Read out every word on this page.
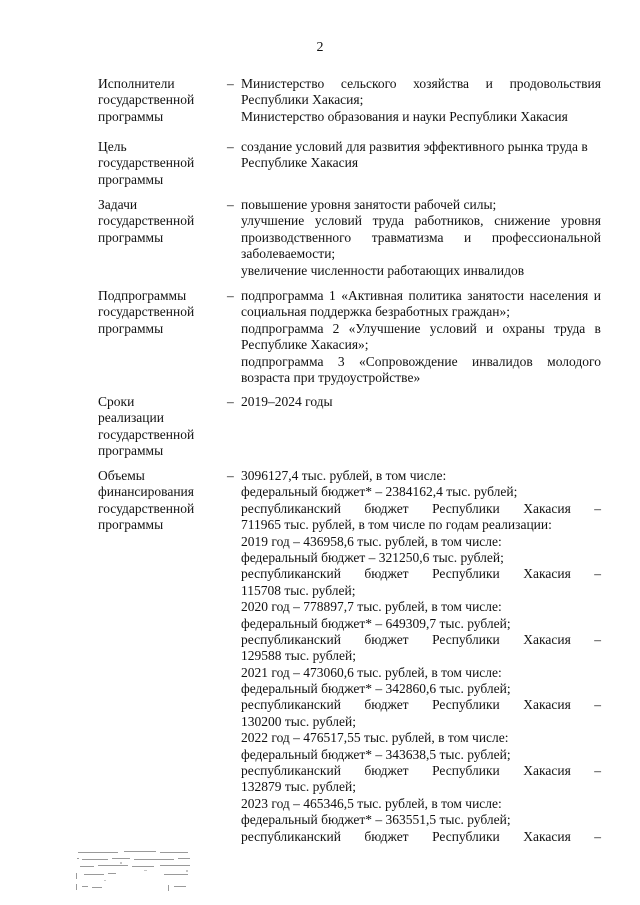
2
Исполнители
государственной
программы
– Министерство сельского хозяйства и продовольствия
Республики Хакасия;
Министерство образования и науки Республики Хакасия
Цель
государственной
программы
– создание условий для развития эффективного рынка труда в
Республике Хакасия
Задачи
государственной
программы
– повышение уровня занятости рабочей силы;
улучшение условий труда работников, снижение уровня
производственного травматизма и профессиональной
заболеваемости;
увеличение численности работающих инвалидов
Подпрограммы
государственной
программы
– подпрограмма 1 «Активная политика занятости населения и
социальная поддержка безработных граждан»;
подпрограмма 2 «Улучшение условий и охраны труда в
Республике Хакасия»;
подпрограмма 3 «Сопровождение инвалидов молодого
возраста при трудоустройстве»
Сроки
реализации
государственной
программы
– 2019–2024 годы
Объемы
финансирования
государственной
программы
– 3096127,4 тыс. рублей, в том числе:
федеральный бюджет* – 2384162,4 тыс. рублей;
республиканский бюджет Республики Хакасия –
711965 тыс. рублей, в том числе по годам реализации:
2019 год – 436958,6 тыс. рублей, в том числе:
федеральный бюджет – 321250,6 тыс. рублей;
республиканский бюджет Республики Хакасия –
115708 тыс. рублей;
2020 год – 778897,7 тыс. рублей, в том числе:
федеральный бюджет* – 649309,7 тыс. рублей;
республиканский бюджет Республики Хакасия –
129588 тыс. рублей;
2021 год – 473060,6 тыс. рублей, в том числе:
федеральный бюджет* – 342860,6 тыс. рублей;
республиканский бюджет Республики Хакасия –
130200 тыс. рублей;
2022 год – 476517,55 тыс. рублей, в том числе:
федеральный бюджет* – 343638,5 тыс. рублей;
республиканский бюджет Республики Хакасия –
132879 тыс. рублей;
2023 год – 465346,5 тыс. рублей, в том числе:
федеральный бюджет* – 363551,5 тыс. рублей;
республиканский бюджет Республики Хакасия –
